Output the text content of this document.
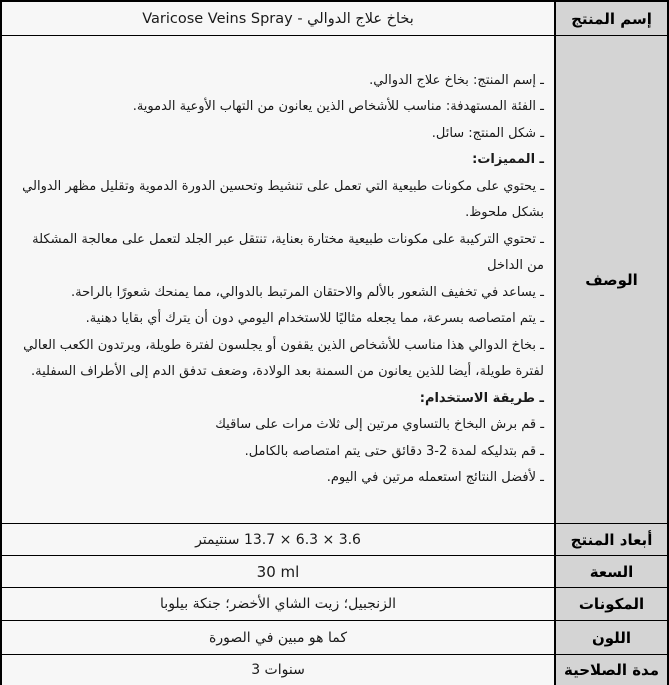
إسم المنتج
بخاخ علاج الدوالي - Varicose Veins Spray
الوصف
ـ إسم المنتج: بخاخ علاج الدوالي.
ـ الفئة المستهدفة: مناسب للأشخاص الذين يعانون من التهاب الأوعية الدموية.
ـ شكل المنتج: سائل.
ـ المميزات:
ـ يحتوي على مكونات طبيعية التي تعمل على تنشيط وتحسين الدورة الدموية وتقليل مظهر الدوالي بشكل ملحوظ.
ـ تحتوي التركيبة على مكونات طبيعية مختارة بعناية، تنتقل عبر الجلد لتعمل على معالجة المشكلة من الداخل
ـ يساعد في تخفيف الشعور بالألم والاحتقان المرتبط بالدوالي، مما يمنحك شعورًا بالراحة.
ـ يتم امتصاصه بسرعة، مما يجعله مثاليًا للاستخدام اليومي دون أن يترك أي بقايا دهنية.
ـ بخاخ الدوالي هذا مناسب للأشخاص الذين يقفون أو يجلسون لفترة طويلة، ويرتدون الكعب العالي لفترة طويلة، أيضا للذين يعانون من السمنة بعد الولادة، وضعف تدفق الدم إلى الأطراف السفلية.
ـ طريقة الاستخدام:
ـ قم برش البخاخ بالتساوي مرتين إلى ثلاث مرات على ساقيك
ـ قم بتدليكه لمدة 2-3 دقائق حتى يتم امتصاصه بالكامل.
ـ لأفضل النتائج استعمله مرتين في اليوم.
أبعاد المنتج
3.6 × 6.3 × 13.7 سنتيمتر
السعة
30 ml
المكونات
الزنجبيل؛ زيت الشاي الأخضر؛ جنكة بيلوبا
اللون
كما هو مبين في الصورة
مدة الصلاحية
3 سنوات
